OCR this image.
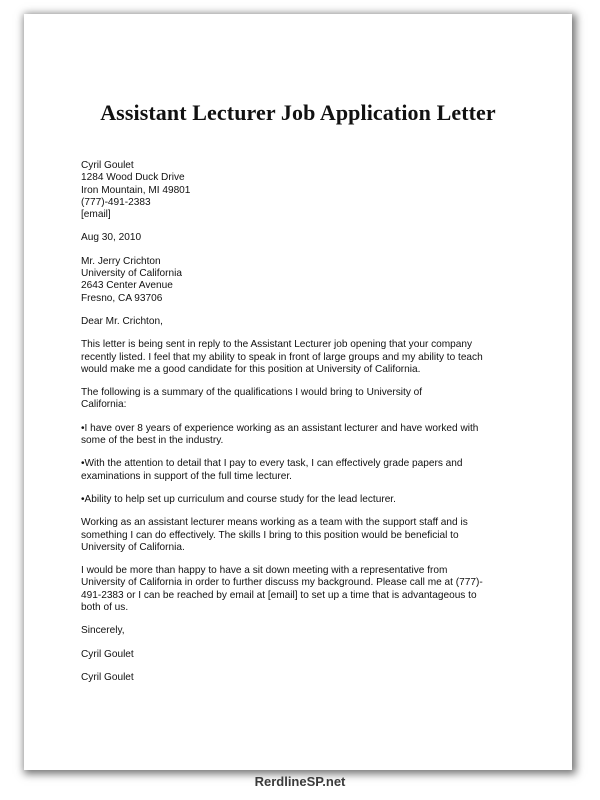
Assistant Lecturer Job Application Letter
Cyril Goulet
1284 Wood Duck Drive
Iron Mountain, MI 49801
(777)-491-2383
[email]
Aug 30, 2010
Mr. Jerry Crichton
University of California
2643 Center Avenue
Fresno, CA 93706
Dear Mr. Crichton,
This letter is being sent in reply to the Assistant Lecturer job opening that your company
recently listed. I feel that my ability to speak in front of large groups and my ability to teach
would make me a good candidate for this position at University of California.
The following is a summary of the qualifications I would bring to University of California:
•I have over 8 years of experience working as an assistant lecturer and have worked with
some of the best in the industry.
•With the attention to detail that I pay to every task, I can effectively grade papers and
examinations in support of the full time lecturer.
•Ability to help set up curriculum and course study for the lead lecturer.
Working as an assistant lecturer means working as a team with the support staff and is
something I can do effectively. The skills I bring to this position would be beneficial to
University of California.
I would be more than happy to have a sit down meeting with a representative from
University of California in order to further discuss my background. Please call me at (777)-
491-2383 or I can be reached by email at [email] to set up a time that is advantageous to
both of us.
Sincerely,
Cyril Goulet
Cyril Goulet
RerdlineSP.net
